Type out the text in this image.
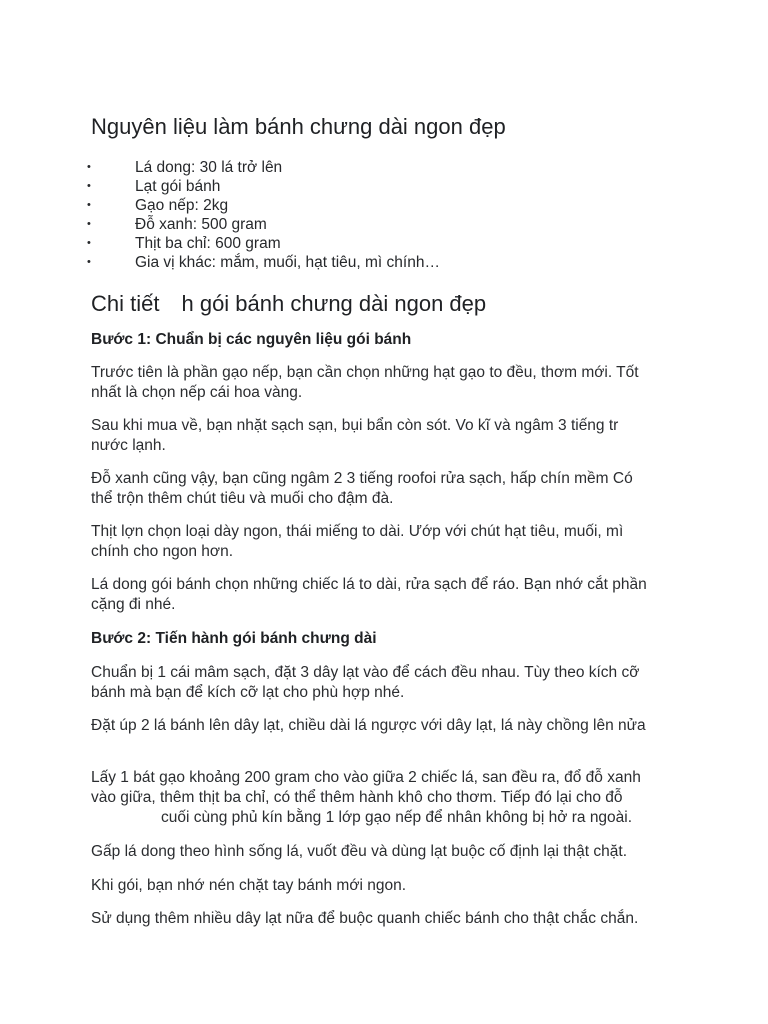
Nguyên liệu làm bánh chưng dài ngon đẹp
•	Lá dong: 30 lá trở lên
•	Lạt gói bánh
•	Gạo nếp: 2kg
•	Đỗ xanh: 500 gram
•	Thịt ba chỉ: 600 gram
•	Gia vị khác: mắm, muối, hạt tiêu, mì chính…
Chi tiết h gói bánh chưng dài ngon đẹp
Bước 1: Chuẩn bị các nguyên liệu gói bánh
Trước tiên là phần gạo nếp, bạn cần chọn những hạt gạo to đều, thơm mới. Tốt
nhất là chọn nếp cái hoa vàng.
Sau khi mua về, bạn nhặt sạch sạn, bụi bẩn còn sót. Vo kĩ và ngâm 3 tiếng tr
nước lạnh.
Đỗ xanh cũng vậy, bạn cũng ngâm 2 3 tiếng roofoi rửa sạch, hấp chín mềm Có
thể trộn thêm chút tiêu và muối cho đậm đà.
Thịt lợn chọn loại dày ngon, thái miếng to dài. Ướp với chút hạt tiêu, muối, mì
chính cho ngon hơn.
Lá dong gói bánh chọn những chiếc lá to dài, rửa sạch để ráo. Bạn nhớ cắt phần
cặng đi nhé.
Bước 2: Tiến hành gói bánh chưng dài
Chuẩn bị 1 cái mâm sạch, đặt 3 dây lạt vào để cách đều nhau. Tùy theo kích cỡ
bánh mà bạn để kích cỡ lạt cho phù hợp nhé.
Đặt úp 2 lá bánh lên dây lạt, chiều dài lá ngược với dây lạt, lá này chồng lên nửa
Lấy 1 bát gạo khoảng 200 gram cho vào giữa 2 chiếc lá, san đều ra, đổ đỗ xanh
vào giữa, thêm thịt ba chỉ, có thể thêm hành khô cho thơm. Tiếp đó lại cho đỗ
cuối cùng phủ kín bằng 1 lớp gạo nếp để nhân không bị hở ra ngoài.
Gấp lá dong theo hình sống lá, vuốt đều và dùng lạt buộc cố định lại thật chặt.
Khi gói, bạn nhớ nén chặt tay bánh mới ngon.
Sử dụng thêm nhiều dây lạt nữa để buộc quanh chiếc bánh cho thật chắc chắn.
